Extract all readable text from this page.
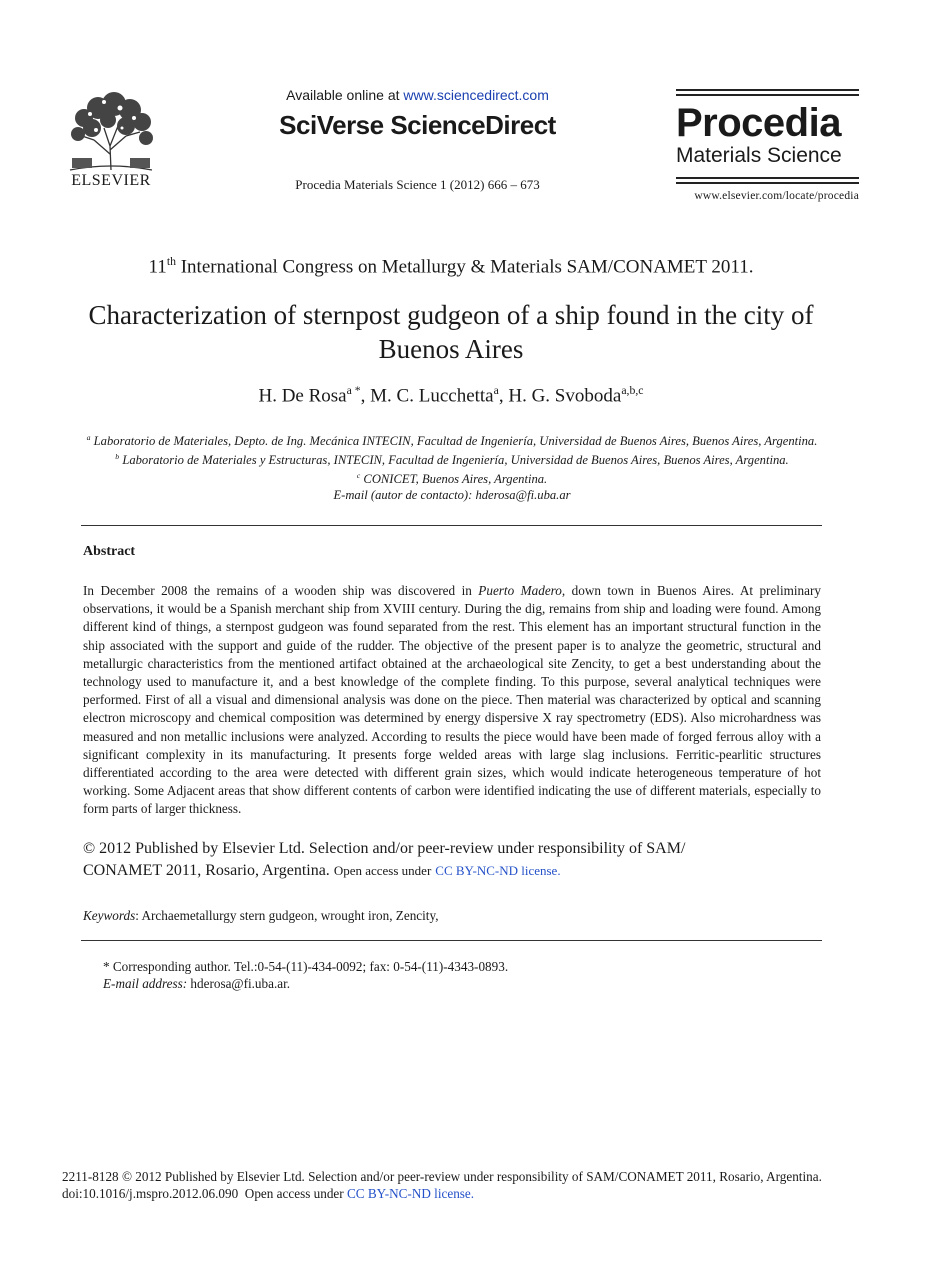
ELSEVIER
Available online at www.sciencedirect.com
SciVerse ScienceDirect
Procedia Materials Science 1 (2012) 666 – 673
Procedia
Materials Science
www.elsevier.com/locate/procedia
11th International Congress on Metallurgy & Materials SAM/CONAMET 2011.
Characterization of sternpost gudgeon of a ship found in the city of Buenos Aires
H. De Rosa$^{a *}$, M. C. Lucchetta$^a$, H. G. Svoboda$^{a,b,c}$
$^a$ Laboratorio de Materiales, Depto. de Ing. Mecánica INTECIN, Facultad de Ingeniería, Universidad de Buenos Aires, Buenos Aires, Argentina.
$^b$ Laboratorio de Materiales y Estructuras, INTECIN, Facultad de Ingeniería, Universidad de Buenos Aires, Buenos Aires, Argentina.
$^c$ CONICET, Buenos Aires, Argentina.
E-mail (autor de contacto): hderosa@fi.uba.ar
Abstract
In December 2008 the remains of a wooden ship was discovered in Puerto Madero, down town in Buenos Aires. At preliminary observations, it would be a Spanish merchant ship from XVIII century. During the dig, remains from ship and loading were found. Among different kind of things, a sternpost gudgeon was found separated from the rest. This element has an important structural function in the ship associated with the support and guide of the rudder. The objective of the present paper is to analyze the geometric, structural and metallurgic characteristics from the mentioned artifact obtained at the archaeological site Zencity, to get a best understanding about the technology used to manufacture it, and a best knowledge of the complete finding. To this purpose, several analytical techniques were performed. First of all a visual and dimensional analysis was done on the piece. Then material was characterized by optical and scanning electron microscopy and chemical composition was determined by energy dispersive X ray spectrometry (EDS). Also microhardness was measured and non metallic inclusions were analyzed. According to results the piece would have been made of forged ferrous alloy with a significant complexity in its manufacturing. It presents forge welded areas with large slag inclusions. Ferritic-pearlitic structures differentiated according to the area were detected with different grain sizes, which would indicate heterogeneous temperature of hot working. Some Adjacent areas that show different contents of carbon were identified indicating the use of different materials, especially to form parts of larger thickness.
© 2012 Published by Elsevier Ltd. Selection and/or peer-review under responsibility of SAM/
CONAMET 2011, Rosario, Argentina. Open access under CC BY-NC-ND license.
Keywords: Archaemetallurgy stern gudgeon, wrought iron, Zencity,
* Corresponding author. Tel.:0-54-(11)-434-0092; fax: 0-54-(11)-4343-0893.
E-mail address: hderosa@fi.uba.ar.
2211-8128 © 2012 Published by Elsevier Ltd. Selection and/or peer-review under responsibility of SAM/CONAMET 2011, Rosario, Argentina.
doi:10.1016/j.mspro.2012.06.090 Open access under CC BY-NC-ND license.
